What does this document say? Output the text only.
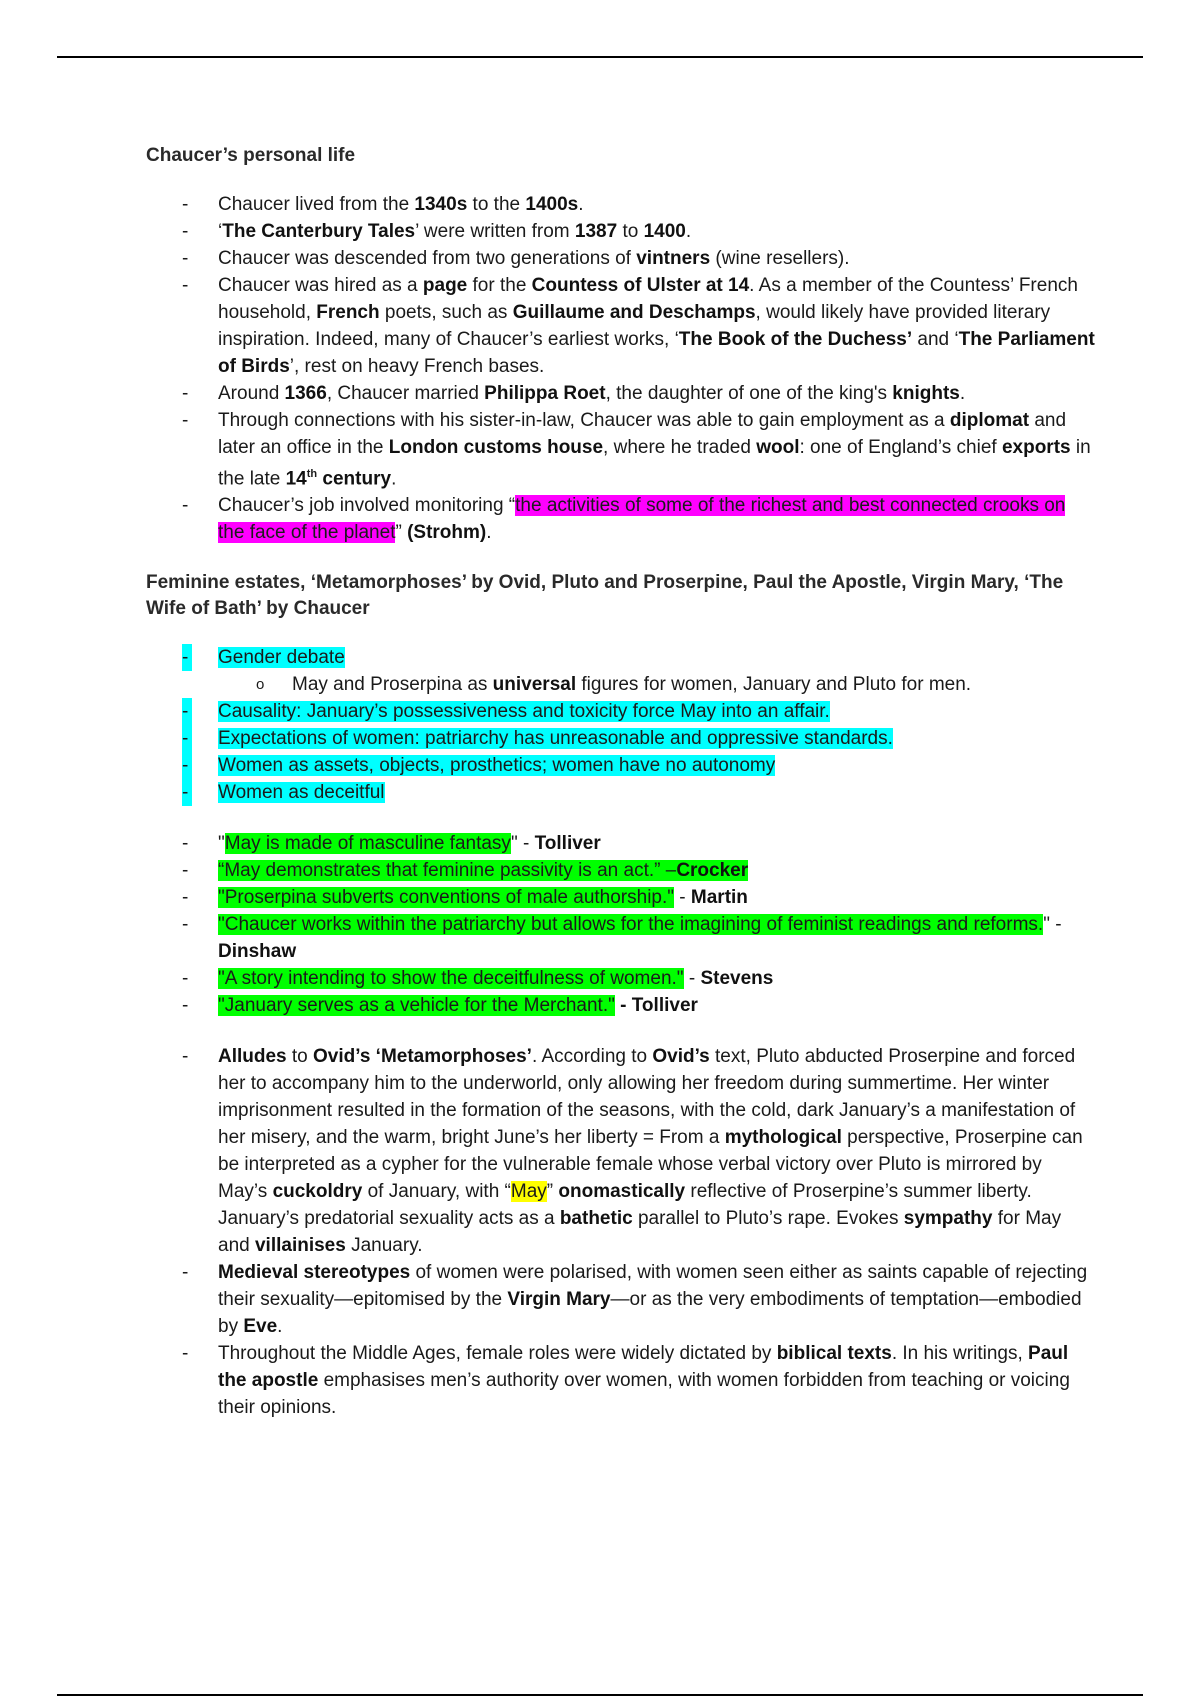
Chaucer’s personal life
- Chaucer lived from the 1340s to the 1400s.
- ‘The Canterbury Tales’ were written from 1387 to 1400.
- Chaucer was descended from two generations of vintners (wine resellers).
- Chaucer was hired as a page for the Countess of Ulster at 14. As a member of the Countess’ French household, French poets, such as Guillaume and Deschamps, would likely have provided literary inspiration. Indeed, many of Chaucer’s earliest works, ‘The Book of the Duchess’ and ‘The Parliament of Birds’, rest on heavy French bases.
- Around 1366, Chaucer married Philippa Roet, the daughter of one of the king's knights.
- Through connections with his sister-in-law, Chaucer was able to gain employment as a diplomat and later an office in the London customs house, where he traded wool: one of England’s chief exports in the late 14th century.
- Chaucer’s job involved monitoring “the activities of some of the richest and best connected crooks on the face of the planet” (Strohm).
Feminine estates, ‘Metamorphoses’ by Ovid, Pluto and Proserpine, Paul the Apostle, Virgin Mary, ‘The Wife of Bath’ by Chaucer
- Gender debate
o May and Proserpina as universal figures for women, January and Pluto for men.
- Causality: January’s possessiveness and toxicity force May into an affair.
- Expectations of women: patriarchy has unreasonable and oppressive standards.
- Women as assets, objects, prosthetics; women have no autonomy
- Women as deceitful
- "May is made of masculine fantasy" - Tolliver
- “May demonstrates that feminine passivity is an act.” –Crocker
- "Proserpina subverts conventions of male authorship." - Martin
- "Chaucer works within the patriarchy but allows for the imagining of feminist readings and reforms." - Dinshaw
- "A story intending to show the deceitfulness of women." - Stevens
- "January serves as a vehicle for the Merchant." - Tolliver
- Alludes to Ovid’s ‘Metamorphoses’. According to Ovid’s text, Pluto abducted Proserpine and forced her to accompany him to the underworld, only allowing her freedom during summertime. Her winter imprisonment resulted in the formation of the seasons, with the cold, dark January’s a manifestation of her misery, and the warm, bright June’s her liberty = From a mythological perspective, Proserpine can be interpreted as a cypher for the vulnerable female whose verbal victory over Pluto is mirrored by May’s cuckoldry of January, with “May” onomastically reflective of Proserpine’s summer liberty. January’s predatorial sexuality acts as a bathetic parallel to Pluto’s rape. Evokes sympathy for May and villainises January.
- Medieval stereotypes of women were polarised, with women seen either as saints capable of rejecting their sexuality—epitomised by the Virgin Mary—or as the very embodiments of temptation—embodied by Eve.
- Throughout the Middle Ages, female roles were widely dictated by biblical texts. In his writings, Paul the apostle emphasises men’s authority over women, with women forbidden from teaching or voicing their opinions.
